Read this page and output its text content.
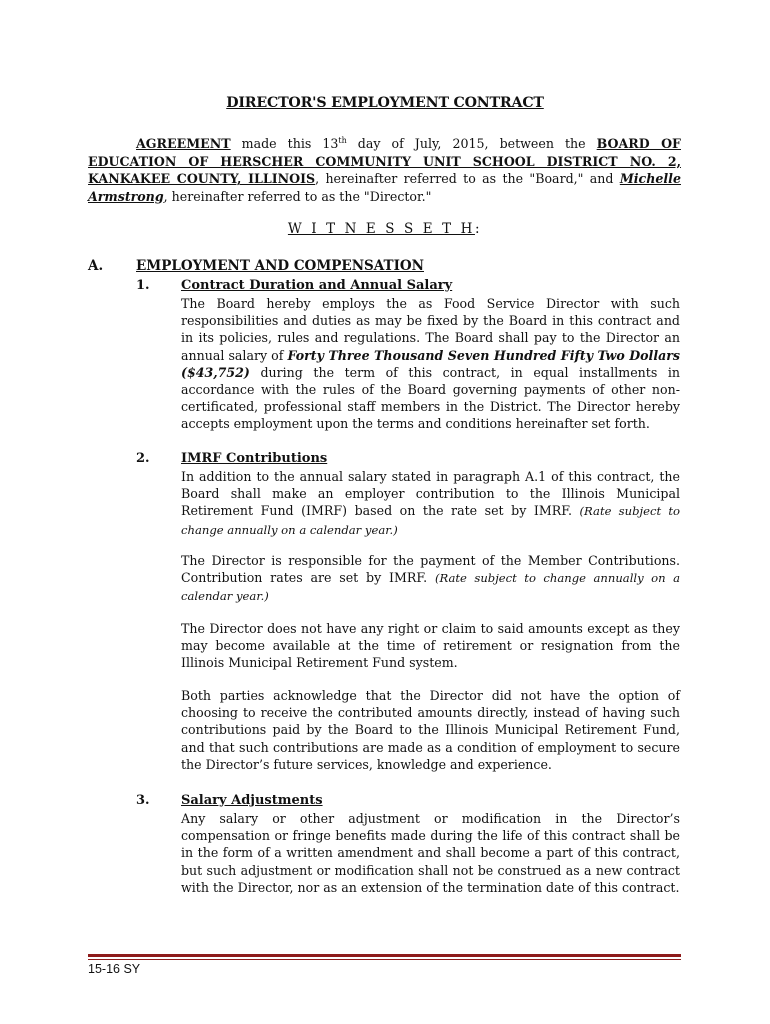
DIRECTOR'S EMPLOYMENT CONTRACT
AGREEMENT made this 13th day of July, 2015, between the BOARD OF EDUCATION OF HERSCHER COMMUNITY UNIT SCHOOL DISTRICT NO. 2, KANKAKEE COUNTY, ILLINOIS, hereinafter referred to as the "Board," and Michelle Armstrong, hereinafter referred to as the "Director."
W I T N E S S E T H:
A. EMPLOYMENT AND COMPENSATION
1. Contract Duration and Annual Salary
The Board hereby employs the as Food Service Director with such responsibilities and duties as may be fixed by the Board in this contract and in its policies, rules and regulations. The Board shall pay to the Director an annual salary of Forty Three Thousand Seven Hundred Fifty Two Dollars ($43,752) during the term of this contract, in equal installments in accordance with the rules of the Board governing payments of other non-certificated, professional staff members in the District. The Director hereby accepts employment upon the terms and conditions hereinafter set forth.
2. IMRF Contributions
In addition to the annual salary stated in paragraph A.1 of this contract, the Board shall make an employer contribution to the Illinois Municipal Retirement Fund (IMRF) based on the rate set by IMRF. (Rate subject to change annually on a calendar year.)
The Director is responsible for the payment of the Member Contributions. Contribution rates are set by IMRF. (Rate subject to change annually on a calendar year.)
The Director does not have any right or claim to said amounts except as they may become available at the time of retirement or resignation from the Illinois Municipal Retirement Fund system.
Both parties acknowledge that the Director did not have the option of choosing to receive the contributed amounts directly, instead of having such contributions paid by the Board to the Illinois Municipal Retirement Fund, and that such contributions are made as a condition of employment to secure the Director’s future services, knowledge and experience.
3. Salary Adjustments
Any salary or other adjustment or modification in the Director’s compensation or fringe benefits made during the life of this contract shall be in the form of a written amendment and shall become a part of this contract, but such adjustment or modification shall not be construed as a new contract with the Director, nor as an extension of the termination date of this contract.
15-16 SY
